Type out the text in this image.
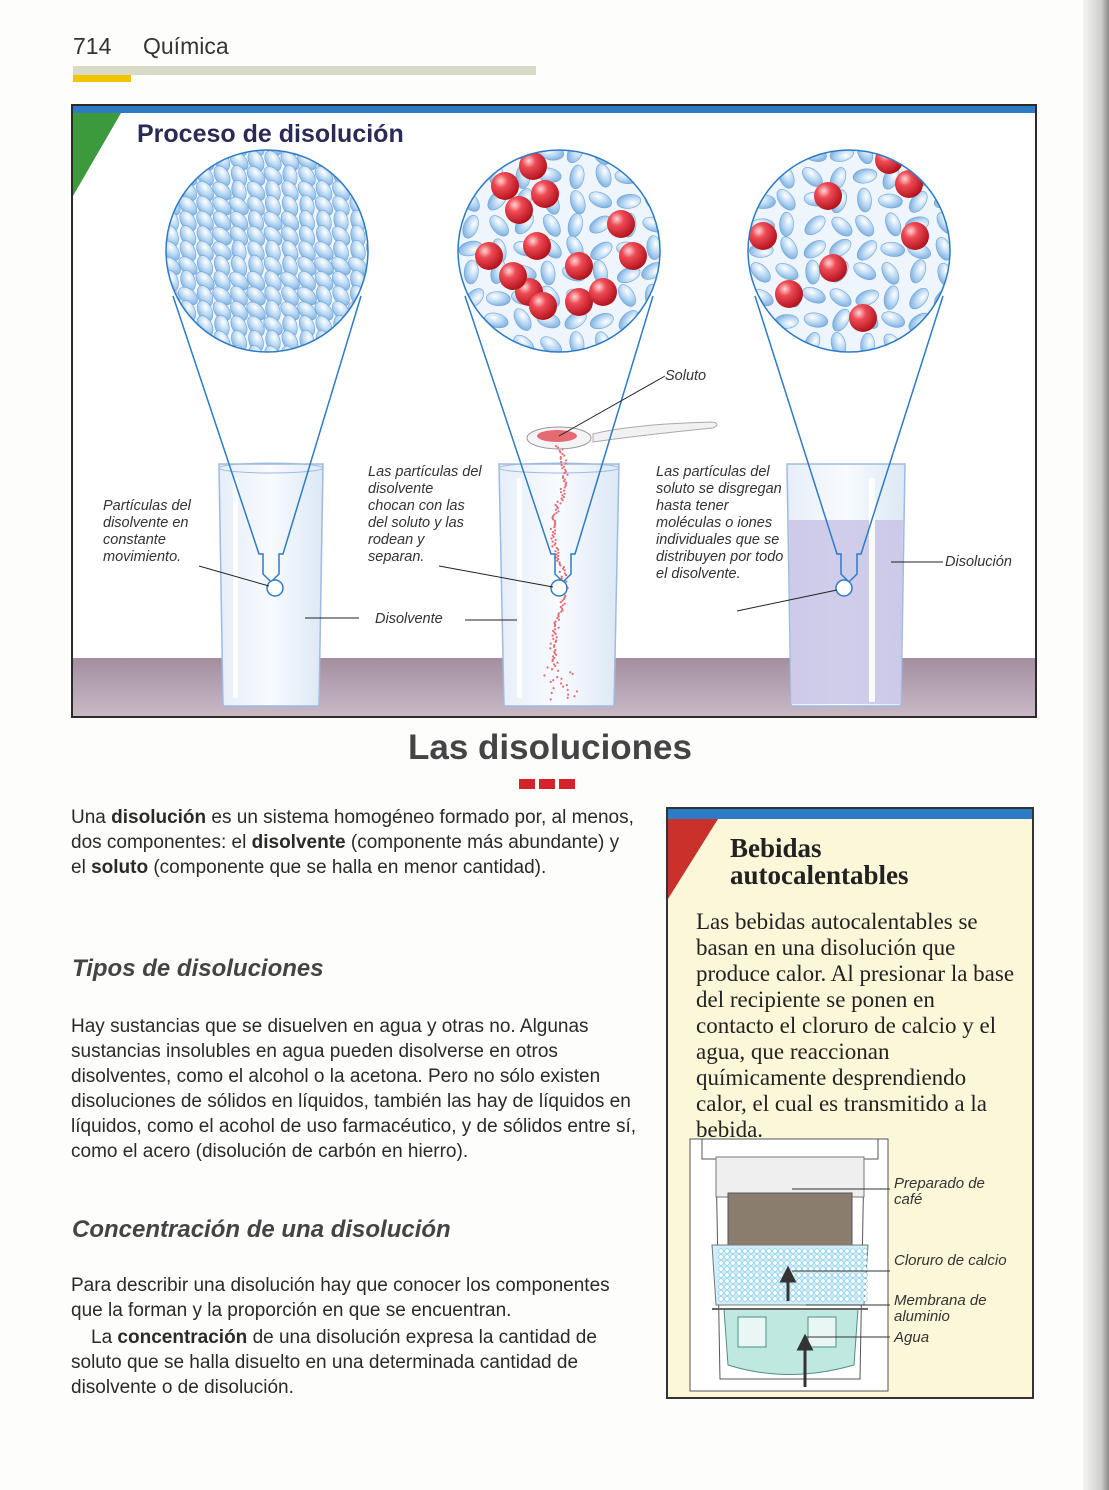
714 Química
Proceso de disolución
Partículas del disolvente en constante movimiento.
Las partículas del disolvente chocan con las del soluto y las rodean y separan.
Las partículas del soluto se disgregan hasta tener moléculas o iones individuales que se distribuyen por todo el disolvente.
Soluto
Disolvente
Disolución
Las disoluciones
Una disolución es un sistema homogéneo formado por, al menos, dos componentes: el disolvente (componente más abundante) y el soluto (componente que se halla en menor cantidad).
Tipos de disoluciones
Hay sustancias que se disuelven en agua y otras no. Algunas sustancias insolubles en agua pueden disolverse en otros disolventes, como el alcohol o la acetona. Pero no sólo existen disoluciones de sólidos en líquidos, también las hay de líquidos en líquidos, como el acohol de uso farmacéutico, y de sólidos entre sí, como el acero (disolución de carbón en hierro).
Concentración de una disolución
Para describir una disolución hay que conocer los componentes que la forman y la proporción en que se encuentran.
La concentración de una disolución expresa la cantidad de soluto que se halla disuelto en una determinada cantidad de disolvente o de disolución.
Bebidas
autocalentables
Las bebidas autocalentables se basan en una disolución que produce calor. Al presionar la base del recipiente se ponen en contacto el cloruro de calcio y el agua, que reaccionan químicamente desprendiendo calor, el cual es transmitido a la bebida.
Preparado de café
Cloruro de calcio
Membrana de aluminio
Agua
